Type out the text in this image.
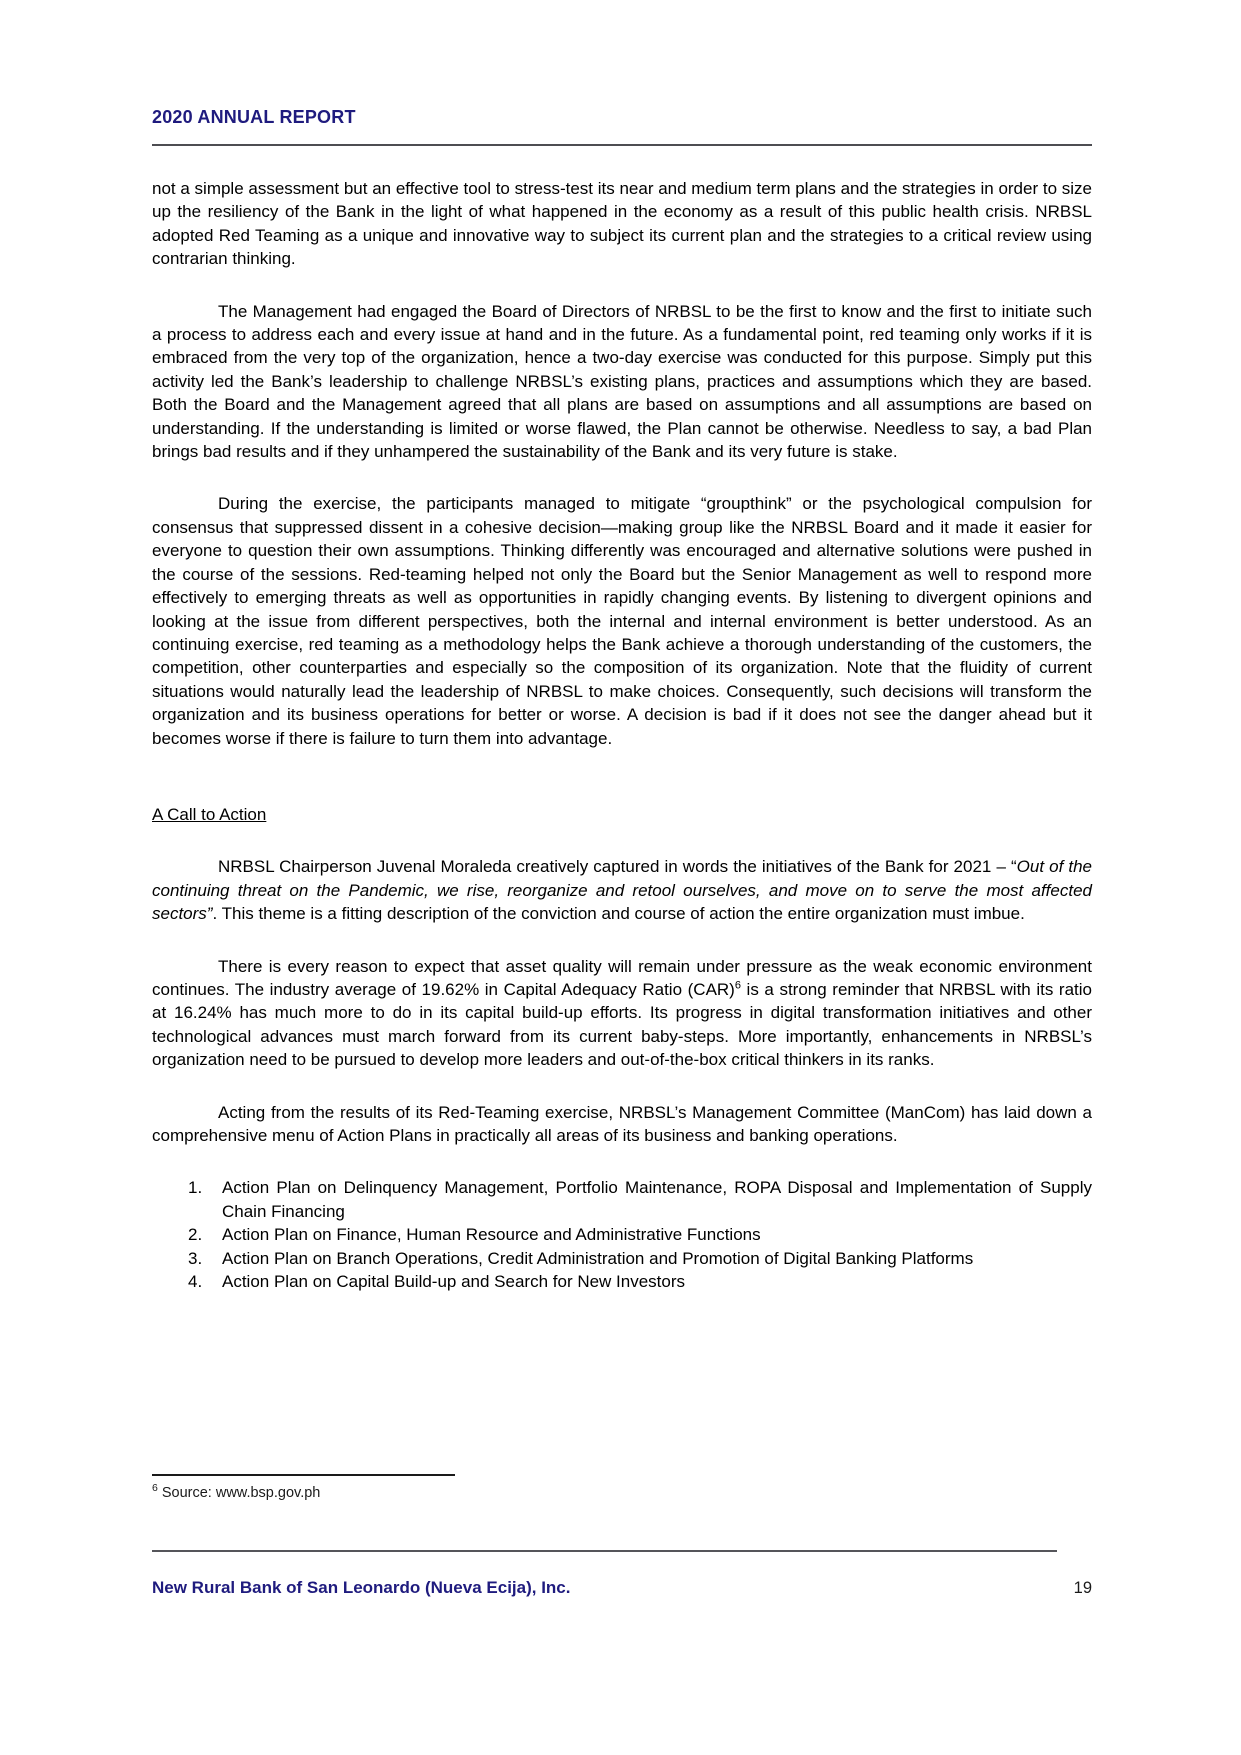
2020 ANNUAL REPORT

not a simple assessment but an effective tool to stress-test its near and medium term plans and the strategies in order to size up the resiliency of the Bank in the light of what happened in the economy as a result of this public health crisis. NRBSL adopted Red Teaming as a unique and innovative way to subject its current plan and the strategies to a critical review using contrarian thinking.

The Management had engaged the Board of Directors of NRBSL to be the first to know and the first to initiate such a process to address each and every issue at hand and in the future. As a fundamental point, red teaming only works if it is embraced from the very top of the organization, hence a two-day exercise was conducted for this purpose. Simply put this activity led the Bank’s leadership to challenge NRBSL’s existing plans, practices and assumptions which they are based. Both the Board and the Management agreed that all plans are based on assumptions and all assumptions are based on understanding. If the understanding is limited or worse flawed, the Plan cannot be otherwise. Needless to say, a bad Plan brings bad results and if they unhampered the sustainability of the Bank and its very future is stake.

During the exercise, the participants managed to mitigate “groupthink” or the psychological compulsion for consensus that suppressed dissent in a cohesive decision—making group like the NRBSL Board and it made it easier for everyone to question their own assumptions. Thinking differently was encouraged and alternative solutions were pushed in the course of the sessions. Red-teaming helped not only the Board but the Senior Management as well to respond more effectively to emerging threats as well as opportunities in rapidly changing events. By listening to divergent opinions and looking at the issue from different perspectives, both the internal and internal environment is better understood. As an continuing exercise, red teaming as a methodology helps the Bank achieve a thorough understanding of the customers, the competition, other counterparties and especially so the composition of its organization. Note that the fluidity of current situations would naturally lead the leadership of NRBSL to make choices. Consequently, such decisions will transform the organization and its business operations for better or worse. A decision is bad if it does not see the danger ahead but it becomes worse if there is failure to turn them into advantage.

A Call to Action

NRBSL Chairperson Juvenal Moraleda creatively captured in words the initiatives of the Bank for 2021 – “Out of the continuing threat on the Pandemic, we rise, reorganize and retool ourselves, and move on to serve the most affected sectors”. This theme is a fitting description of the conviction and course of action the entire organization must imbue.

There is every reason to expect that asset quality will remain under pressure as the weak economic environment continues. The industry average of 19.62% in Capital Adequacy Ratio (CAR)$^6$ is a strong reminder that NRBSL with its ratio at 16.24% has much more to do in its capital build-up efforts. Its progress in digital transformation initiatives and other technological advances must march forward from its current baby-steps. More importantly, enhancements in NRBSL’s organization need to be pursued to develop more leaders and out-of-the-box critical thinkers in its ranks.

Acting from the results of its Red-Teaming exercise, NRBSL’s Management Committee (ManCom) has laid down a comprehensive menu of Action Plans in practically all areas of its business and banking operations.

1.	Action Plan on Delinquency Management, Portfolio Maintenance, ROPA Disposal and Implementation of Supply Chain Financing
2.	Action Plan on Finance, Human Resource and Administrative Functions
3.	Action Plan on Branch Operations, Credit Administration and Promotion of Digital Banking Platforms
4.	Action Plan on Capital Build-up and Search for New Investors
$^6$ Source: www.bsp.gov.ph
New Rural Bank of San Leonardo (Nueva Ecija), Inc.	19
